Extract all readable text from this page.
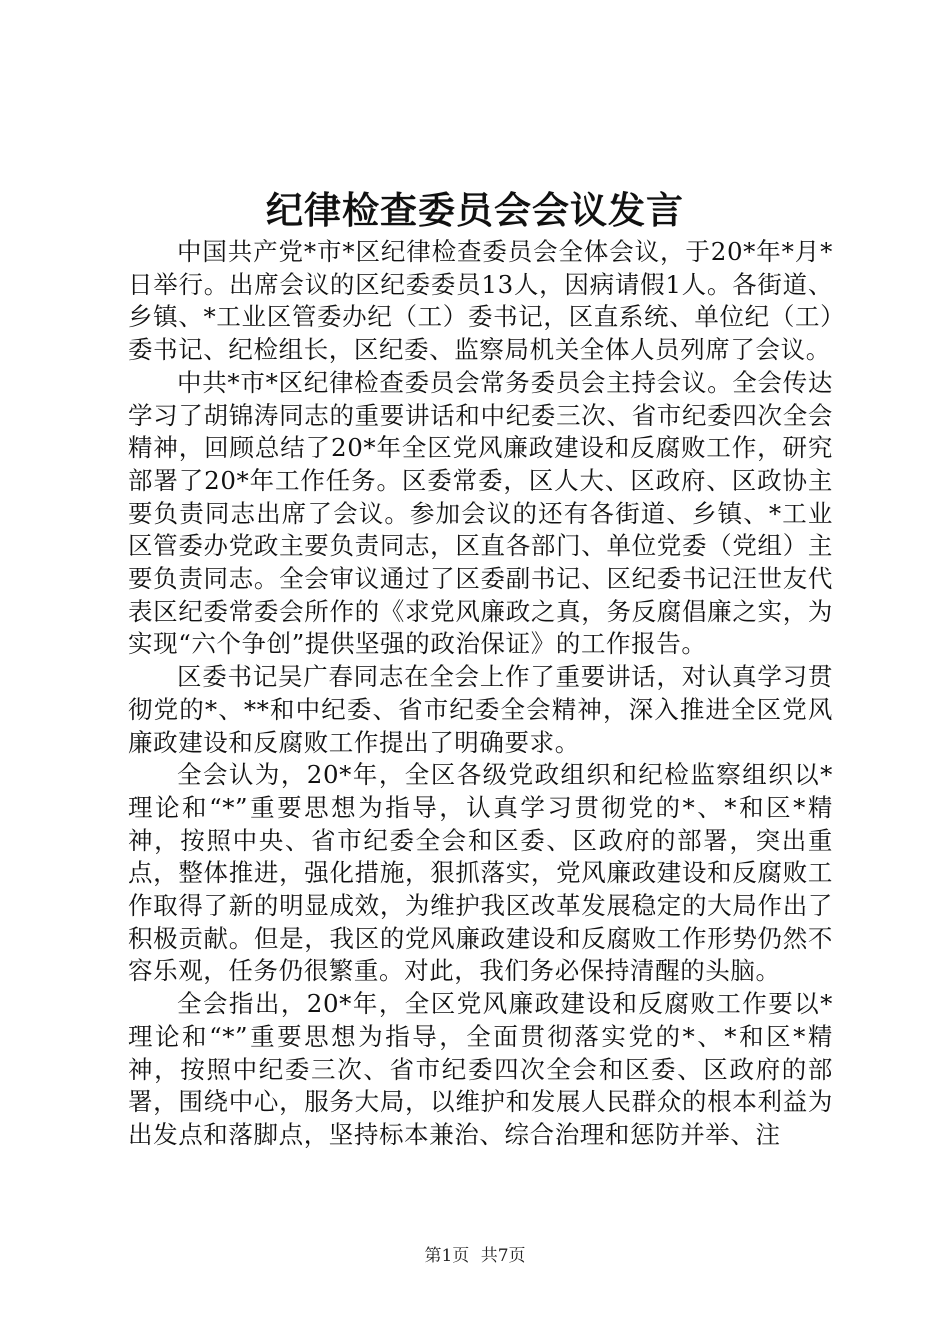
纪律检查委员会会议发言

中国共产党*市*区纪律检查委员会全体会议，于20*年*月*日举行。出席会议的区纪委委员13人，因病请假1人。各街道、乡镇、*工业区管委办纪（工）委书记，区直系统、单位纪（工）委书记、纪检组长，区纪委、监察局机关全体人员列席了会议。

中共*市*区纪律检查委员会常务委员会主持会议。全会传达学习了胡锦涛同志的重要讲话和中纪委三次、省市纪委四次全会精神，回顾总结了20*年全区党风廉政建设和反腐败工作，研究部署了20*年工作任务。区委常委，区人大、区政府、区政协主要负责同志出席了会议。参加会议的还有各街道、乡镇、*工业区管委办党政主要负责同志，区直各部门、单位党委（党组）主要负责同志。全会审议通过了区委副书记、区纪委书记汪世友代表区纪委常委会所作的《求党风廉政之真，务反腐倡廉之实，为实现“六个争创”提供坚强的政治保证》的工作报告。

区委书记吴广春同志在全会上作了重要讲话，对认真学习贯彻党的*、**和中纪委、省市纪委全会精神，深入推进全区党风廉政建设和反腐败工作提出了明确要求。

全会认为，20*年，全区各级党政组织和纪检监察组织以*理论和“*”重要思想为指导，认真学习贯彻党的*、*和区*精神，按照中央、省市纪委全会和区委、区政府的部署，突出重点，整体推进，强化措施，狠抓落实，党风廉政建设和反腐败工作取得了新的明显成效，为维护我区改革发展稳定的大局作出了积极贡献。但是，我区的党风廉政建设和反腐败工作形势仍然不容乐观，任务仍很繁重。对此，我们务必保持清醒的头脑。

全会指出，20*年，全区党风廉政建设和反腐败工作要以*理论和“*”重要思想为指导，全面贯彻落实党的*、*和区*精神，按照中纪委三次、省市纪委四次全会和区委、区政府的部署，围绕中心，服务大局，以维护和发展人民群众的根本利益为出发点和落脚点，坚持标本兼治、综合治理和惩防并举、注

第1页 共7页
